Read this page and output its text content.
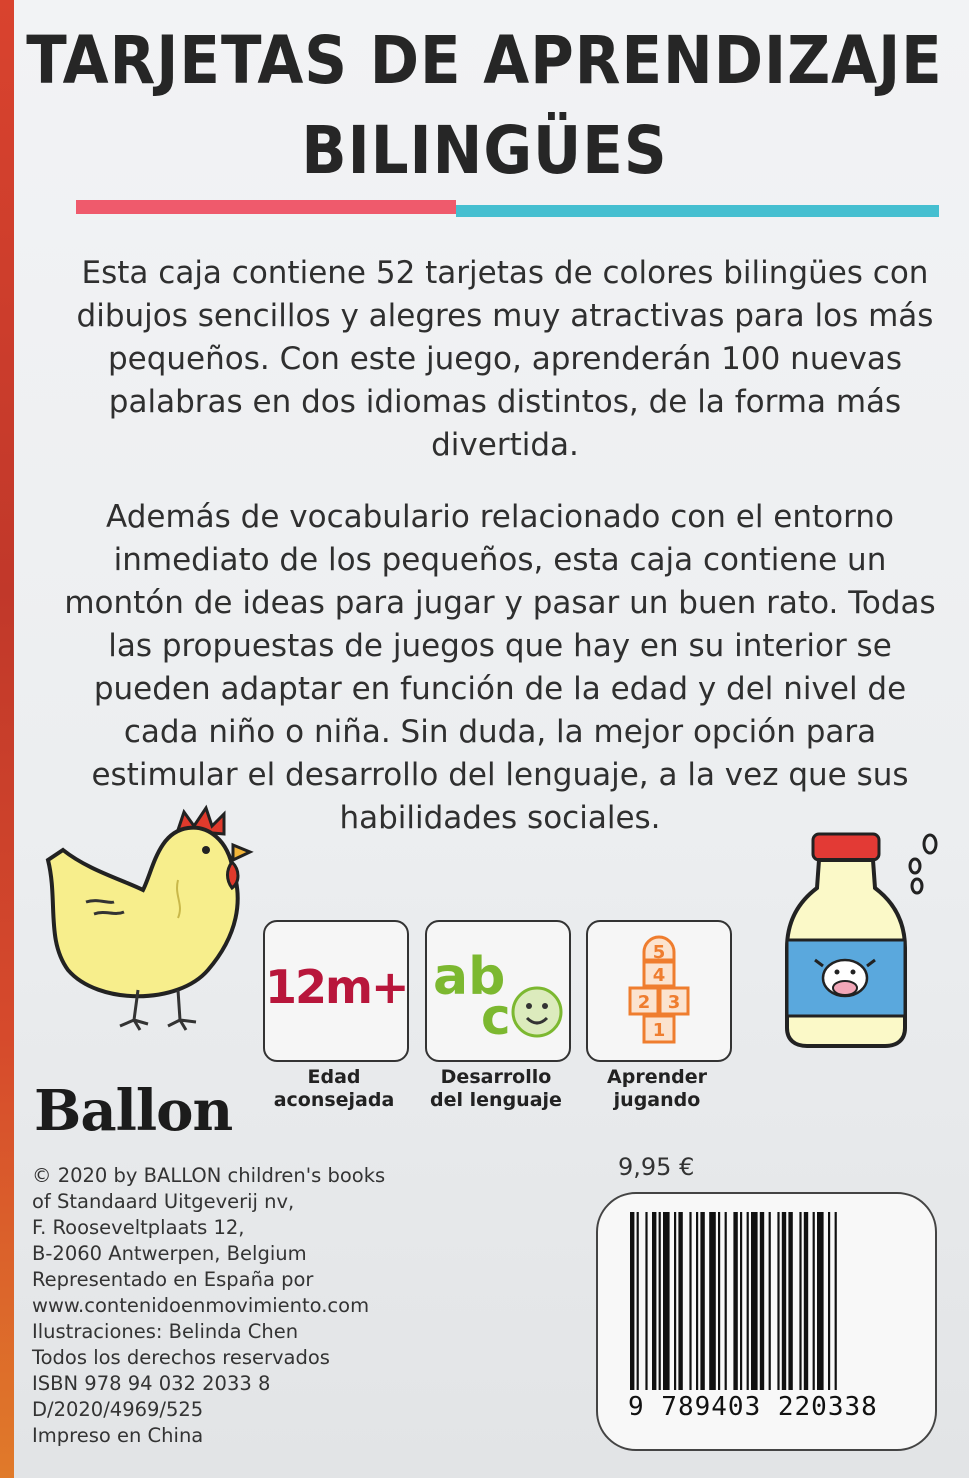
TARJETAS DE APRENDIZAJE
BILINGÜES
Esta caja contiene 52 tarjetas de colores bilingües con dibujos sencillos y alegres muy atractivas para los más pequeños. Con este juego, aprenderán 100 nuevas palabras en dos idiomas distintos, de la forma más divertida.
Además de vocabulario relacionado con el entorno inmediato de los pequeños, esta caja contiene un montón de ideas para jugar y pasar un buen rato. Todas las propuestas de juegos que hay en su interior se pueden adaptar en función de la edad y del nivel de cada niño o niña. Sin duda, la mejor opción para estimular el desarrollo del lenguaje, a la vez que sus habilidades sociales.
12m+
Edad
aconsejada
ab
c
Desarrollo
del lenguaje
5
4
2 3
1
Aprender
jugando
Ballon
© 2020 by BALLON children's books
of Standaard Uitgeverij nv,
F. Rooseveltplaats 12,
B-2060 Antwerpen, Belgium
Representado en España por
www.contenidoenmovimiento.com
Ilustraciones: Belinda Chen
Todos los derechos reservados
ISBN 978 94 032 2033 8
D/2020/4969/525
Impreso en China
9,95 €
9 789403 220338
